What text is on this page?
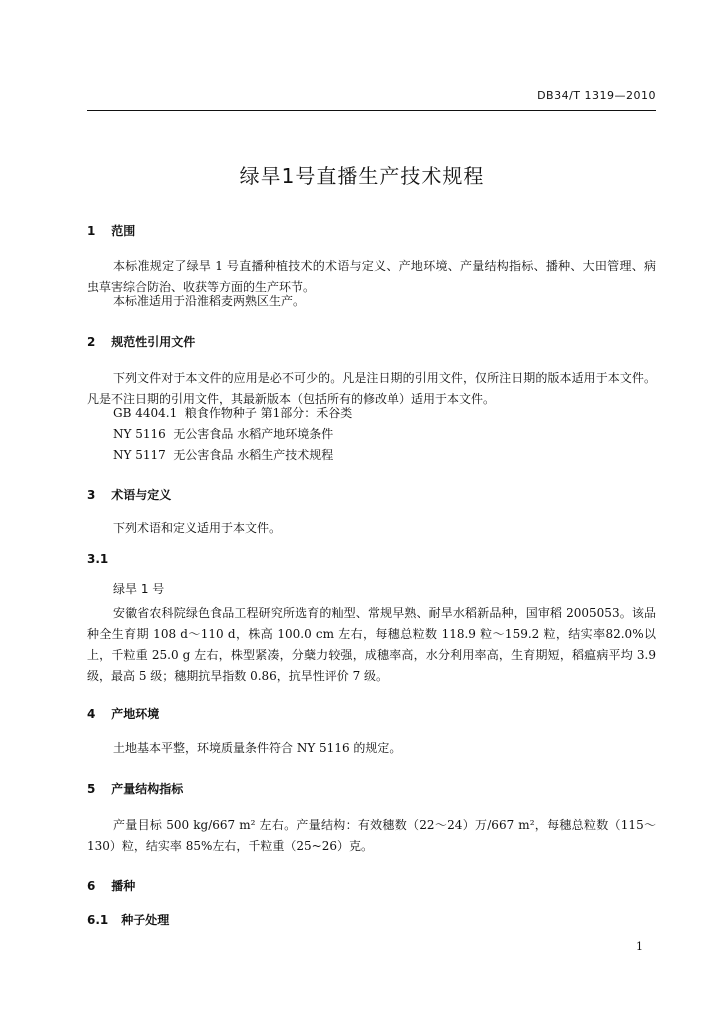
DB34/T 1319—2010
绿旱1号直播生产技术规程
1 范围
本标准规定了绿旱 1 号直播种植技术的术语与定义、产地环境、产量结构指标、播种、大田管理、病虫草害综合防治、收获等方面的生产环节。
本标准适用于沿淮稻麦两熟区生产。
2 规范性引用文件
下列文件对于本文件的应用是必不可少的。凡是注日期的引用文件，仅所注日期的版本适用于本文件。凡是不注日期的引用文件，其最新版本（包括所有的修改单）适用于本文件。
GB 4404.1  粮食作物种子 第1部分：禾谷类
NY 5116  无公害食品 水稻产地环境条件
NY 5117  无公害食品 水稻生产技术规程
3 术语与定义
下列术语和定义适用于本文件。
3.1
绿旱 1 号
安徽省农科院绿色食品工程研究所选育的籼型、常规早熟、耐旱水稻新品种，国审稻 2005053。该品种全生育期 108 d～110 d，株高 100.0 cm 左右，每穗总粒数 118.9 粒～159.2 粒，结实率82.0%以上，千粒重 25.0 g 左右，株型紧凑，分蘖力较强，成穗率高，水分利用率高，生育期短，稻瘟病平均 3.9 级，最高 5 级；穗期抗旱指数 0.86，抗旱性评价 7 级。
4 产地环境
土地基本平整，环境质量条件符合 NY 5116 的规定。
5 产量结构指标
产量目标 500 kg/667 m² 左右。产量结构：有效穗数（22～24）万/667 m²，每穗总粒数（115～130）粒，结实率 85%左右，千粒重（25~26）克。
6 播种
6.1 种子处理
1
